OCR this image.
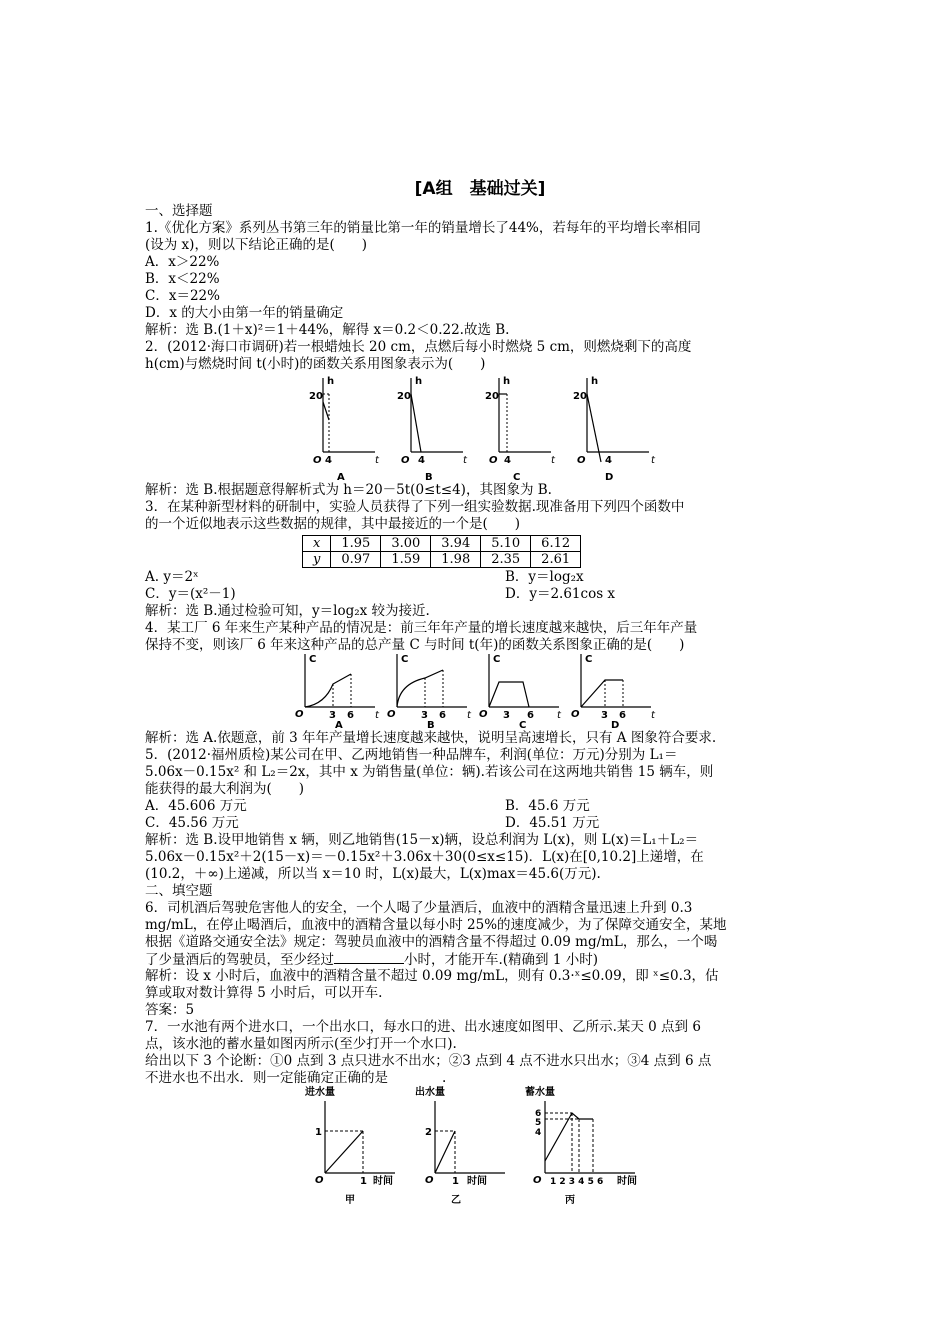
[A组　基础过关]
一、选择题
1.《优化方案》系列丛书第三年的销量比第一年的销量增长了44%，若每年的平均增长率相同
(设为 x)，则以下结论正确的是(　　)
A．x＞22%
B．x＜22%
C．x＝22%
D．x 的大小由第一年的销量确定
解析：选 B.(1＋x)²＝1＋44%，解得 x＝0.2＜0.22.故选 B.
2．(2012·海口市调研)若一根蜡烛长 20 cm，点燃后每小时燃烧 5 cm，则燃烧剩下的高度
h(cm)与燃烧时间 t(小时)的函数关系用图象表示为(　　)
h
20
O 4	t
A
h
20
O 4	t
B
h
20
O 4	t
C
h
20
O 4	t
D
解析：选 B.根据题意得解析式为 h＝20－5t(0≤t≤4)，其图象为 B.
3．在某种新型材料的研制中，实验人员获得了下列一组实验数据.现准备用下列四个函数中
的一个近似地表示这些数据的规律，其中最接近的一个是(　　)
x	1.95	3.00	3.94	5.10	6.12
y	0.97	1.59	1.98	2.35	2.61
A. y＝2ˣ	B．y＝log₂x
C．y＝(x²－1)	D．y＝2.61cos x
解析：选 B.通过检验可知，y＝log₂x 较为接近.
4．某工厂 6 年来生产某种产品的情况是：前三年年产量的增长速度越来越快，后三年年产量
保持不变，则该厂 6 年来这种产品的总产量 C 与时间 t(年)的函数关系图象正确的是(　　)
C
O	3 6 t
A
C
O	3 6 t
B
C
O 3 6 t
C
C
O 3 6	t
D
解析：选 A.依题意，前 3 年年产量增长速度越来越快，说明呈高速增长，只有 A 图象符合要求.
5．(2012·福州质检)某公司在甲、乙两地销售一种品牌车，利润(单位：万元)分别为 L₁＝
5.06x－0.15x² 和 L₂＝2x，其中 x 为销售量(单位：辆).若该公司在这两地共销售 15 辆车，则
能获得的最大利润为(　　)
A．45.606 万元	B．45.6 万元
C．45.56 万元	D．45.51 万元
解析：选 B.设甲地销售 x 辆，则乙地销售(15－x)辆，设总利润为 L(x)，则 L(x)＝L₁＋L₂＝
5.06x－0.15x²＋2(15－x)＝－0.15x²＋3.06x＋30(0≤x≤15)．L(x)在[0,10.2]上递增，在
(10.2，＋∞)上递减，所以当 x＝10 时，L(x)最大，L(x)max＝45.6(万元).
二、填空题
6．司机酒后驾驶危害他人的安全，一个人喝了少量酒后，血液中的酒精含量迅速上升到 0.3
mg/mL，在停止喝酒后，血液中的酒精含量以每小时 25%的速度减少，为了保障交通安全，某地
根据《道路交通安全法》规定：驾驶员血液中的酒精含量不得超过 0.09 mg/mL，那么，一个喝
了少量酒后的驾驶员，至少经过	小时，才能开车.(精确到 1 小时)
解析：设 x 小时后，血液中的酒精含量不超过 0.09 mg/mL，则有 0.3·ˣ≤0.09，即 ˣ≤0.3，估
算或取对数计算得 5 小时后，可以开车.
答案：5
7．一水池有两个进水口，一个出水口，每水口的进、出水速度如图甲、乙所示.某天 0 点到 6
点，该水池的蓄水量如图丙所示(至少打开一个水口).
给出以下 3 个论断：①0 点到 3 点只进水不出水；②3 点到 4 点不进水只出水；③4 点到 6 点
不进水也不出水．则一定能确定正确的是　　　　.
进水量
1
O	1 时间
甲
出水量
2
O 1 时间
乙
蓄水量
6
5
4
O 1 2 3 4 5 6 时间
丙
